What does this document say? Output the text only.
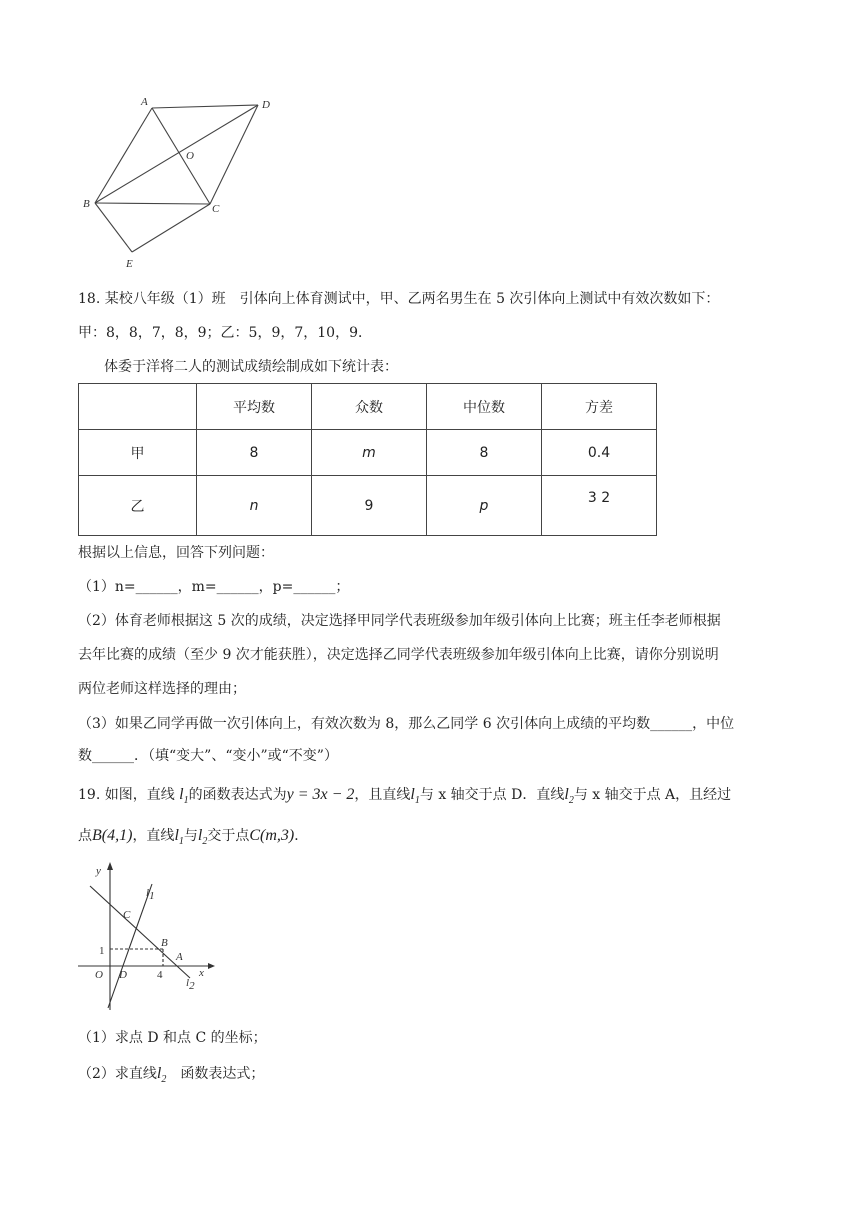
A	D
O
B	C
E
18. 某校八年级（1）班　引体向上体育测试中，甲、乙两名男生在 5 次引体向上测试中有效次数如下：
甲：8，8，7，8，9；乙：5，9，7，10，9．
体委于洋将二人的测试成绩绘制成如下统计表：
	平均数	众数	中位数	方差
甲	8	m	8	0.4
乙	n	9	p	3 2
根据以上信息，回答下列问题：
（1）n=______，m=______，p=______；
（2）体育老师根据这 5 次的成绩，决定选择甲同学代表班级参加年级引体向上比赛；班主任李老师根据
去年比赛的成绩（至少 9 次才能获胜），决定选择乙同学代表班级参加年级引体向上比赛，请你分别说明
两位老师这样选择的理由；
（3）如果乙同学再做一次引体向上，有效次数为 8，那么乙同学 6 次引体向上成绩的平均数______，中位
数______．（填“变大”、“变小”或“不变”）
19. 如图，直线 $l_1$的函数表达式为y = 3x − 2，且直线$l_1$与 x 轴交于点 D．直线$l_2$与 x 轴交于点 A，且经过
点B(4,1)，直线$l_1$与$l_2$交于点C(m,3)．
y
x
O D
C
B
A
1
4
l1
l2
（1）求点 D 和点 C 的坐标；
（2）求直线$l_2$　 函数表达式；
